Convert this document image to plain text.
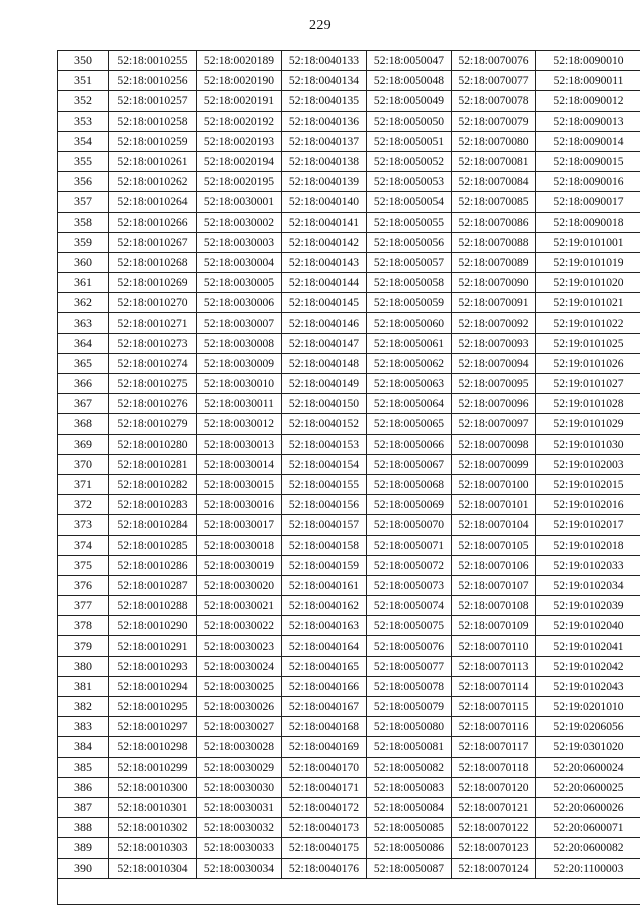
229
350	52:18:0010255	52:18:0020189	52:18:0040133	52:18:0050047	52:18:0070076	52:18:0090010
351	52:18:0010256	52:18:0020190	52:18:0040134	52:18:0050048	52:18:0070077	52:18:0090011
352	52:18:0010257	52:18:0020191	52:18:0040135	52:18:0050049	52:18:0070078	52:18:0090012
353	52:18:0010258	52:18:0020192	52:18:0040136	52:18:0050050	52:18:0070079	52:18:0090013
354	52:18:0010259	52:18:0020193	52:18:0040137	52:18:0050051	52:18:0070080	52:18:0090014
355	52:18:0010261	52:18:0020194	52:18:0040138	52:18:0050052	52:18:0070081	52:18:0090015
356	52:18:0010262	52:18:0020195	52:18:0040139	52:18:0050053	52:18:0070084	52:18:0090016
357	52:18:0010264	52:18:0030001	52:18:0040140	52:18:0050054	52:18:0070085	52:18:0090017
358	52:18:0010266	52:18:0030002	52:18:0040141	52:18:0050055	52:18:0070086	52:18:0090018
359	52:18:0010267	52:18:0030003	52:18:0040142	52:18:0050056	52:18:0070088	52:19:0101001
360	52:18:0010268	52:18:0030004	52:18:0040143	52:18:0050057	52:18:0070089	52:19:0101019
361	52:18:0010269	52:18:0030005	52:18:0040144	52:18:0050058	52:18:0070090	52:19:0101020
362	52:18:0010270	52:18:0030006	52:18:0040145	52:18:0050059	52:18:0070091	52:19:0101021
363	52:18:0010271	52:18:0030007	52:18:0040146	52:18:0050060	52:18:0070092	52:19:0101022
364	52:18:0010273	52:18:0030008	52:18:0040147	52:18:0050061	52:18:0070093	52:19:0101025
365	52:18:0010274	52:18:0030009	52:18:0040148	52:18:0050062	52:18:0070094	52:19:0101026
366	52:18:0010275	52:18:0030010	52:18:0040149	52:18:0050063	52:18:0070095	52:19:0101027
367	52:18:0010276	52:18:0030011	52:18:0040150	52:18:0050064	52:18:0070096	52:19:0101028
368	52:18:0010279	52:18:0030012	52:18:0040152	52:18:0050065	52:18:0070097	52:19:0101029
369	52:18:0010280	52:18:0030013	52:18:0040153	52:18:0050066	52:18:0070098	52:19:0101030
370	52:18:0010281	52:18:0030014	52:18:0040154	52:18:0050067	52:18:0070099	52:19:0102003
371	52:18:0010282	52:18:0030015	52:18:0040155	52:18:0050068	52:18:0070100	52:19:0102015
372	52:18:0010283	52:18:0030016	52:18:0040156	52:18:0050069	52:18:0070101	52:19:0102016
373	52:18:0010284	52:18:0030017	52:18:0040157	52:18:0050070	52:18:0070104	52:19:0102017
374	52:18:0010285	52:18:0030018	52:18:0040158	52:18:0050071	52:18:0070105	52:19:0102018
375	52:18:0010286	52:18:0030019	52:18:0040159	52:18:0050072	52:18:0070106	52:19:0102033
376	52:18:0010287	52:18:0030020	52:18:0040161	52:18:0050073	52:18:0070107	52:19:0102034
377	52:18:0010288	52:18:0030021	52:18:0040162	52:18:0050074	52:18:0070108	52:19:0102039
378	52:18:0010290	52:18:0030022	52:18:0040163	52:18:0050075	52:18:0070109	52:19:0102040
379	52:18:0010291	52:18:0030023	52:18:0040164	52:18:0050076	52:18:0070110	52:19:0102041
380	52:18:0010293	52:18:0030024	52:18:0040165	52:18:0050077	52:18:0070113	52:19:0102042
381	52:18:0010294	52:18:0030025	52:18:0040166	52:18:0050078	52:18:0070114	52:19:0102043
382	52:18:0010295	52:18:0030026	52:18:0040167	52:18:0050079	52:18:0070115	52:19:0201010
383	52:18:0010297	52:18:0030027	52:18:0040168	52:18:0050080	52:18:0070116	52:19:0206056
384	52:18:0010298	52:18:0030028	52:18:0040169	52:18:0050081	52:18:0070117	52:19:0301020
385	52:18:0010299	52:18:0030029	52:18:0040170	52:18:0050082	52:18:0070118	52:20:0600024
386	52:18:0010300	52:18:0030030	52:18:0040171	52:18:0050083	52:18:0070120	52:20:0600025
387	52:18:0010301	52:18:0030031	52:18:0040172	52:18:0050084	52:18:0070121	52:20:0600026
388	52:18:0010302	52:18:0030032	52:18:0040173	52:18:0050085	52:18:0070122	52:20:0600071
389	52:18:0010303	52:18:0030033	52:18:0040175	52:18:0050086	52:18:0070123	52:20:0600082
390	52:18:0010304	52:18:0030034	52:18:0040176	52:18:0050087	52:18:0070124	52:20:1100003
